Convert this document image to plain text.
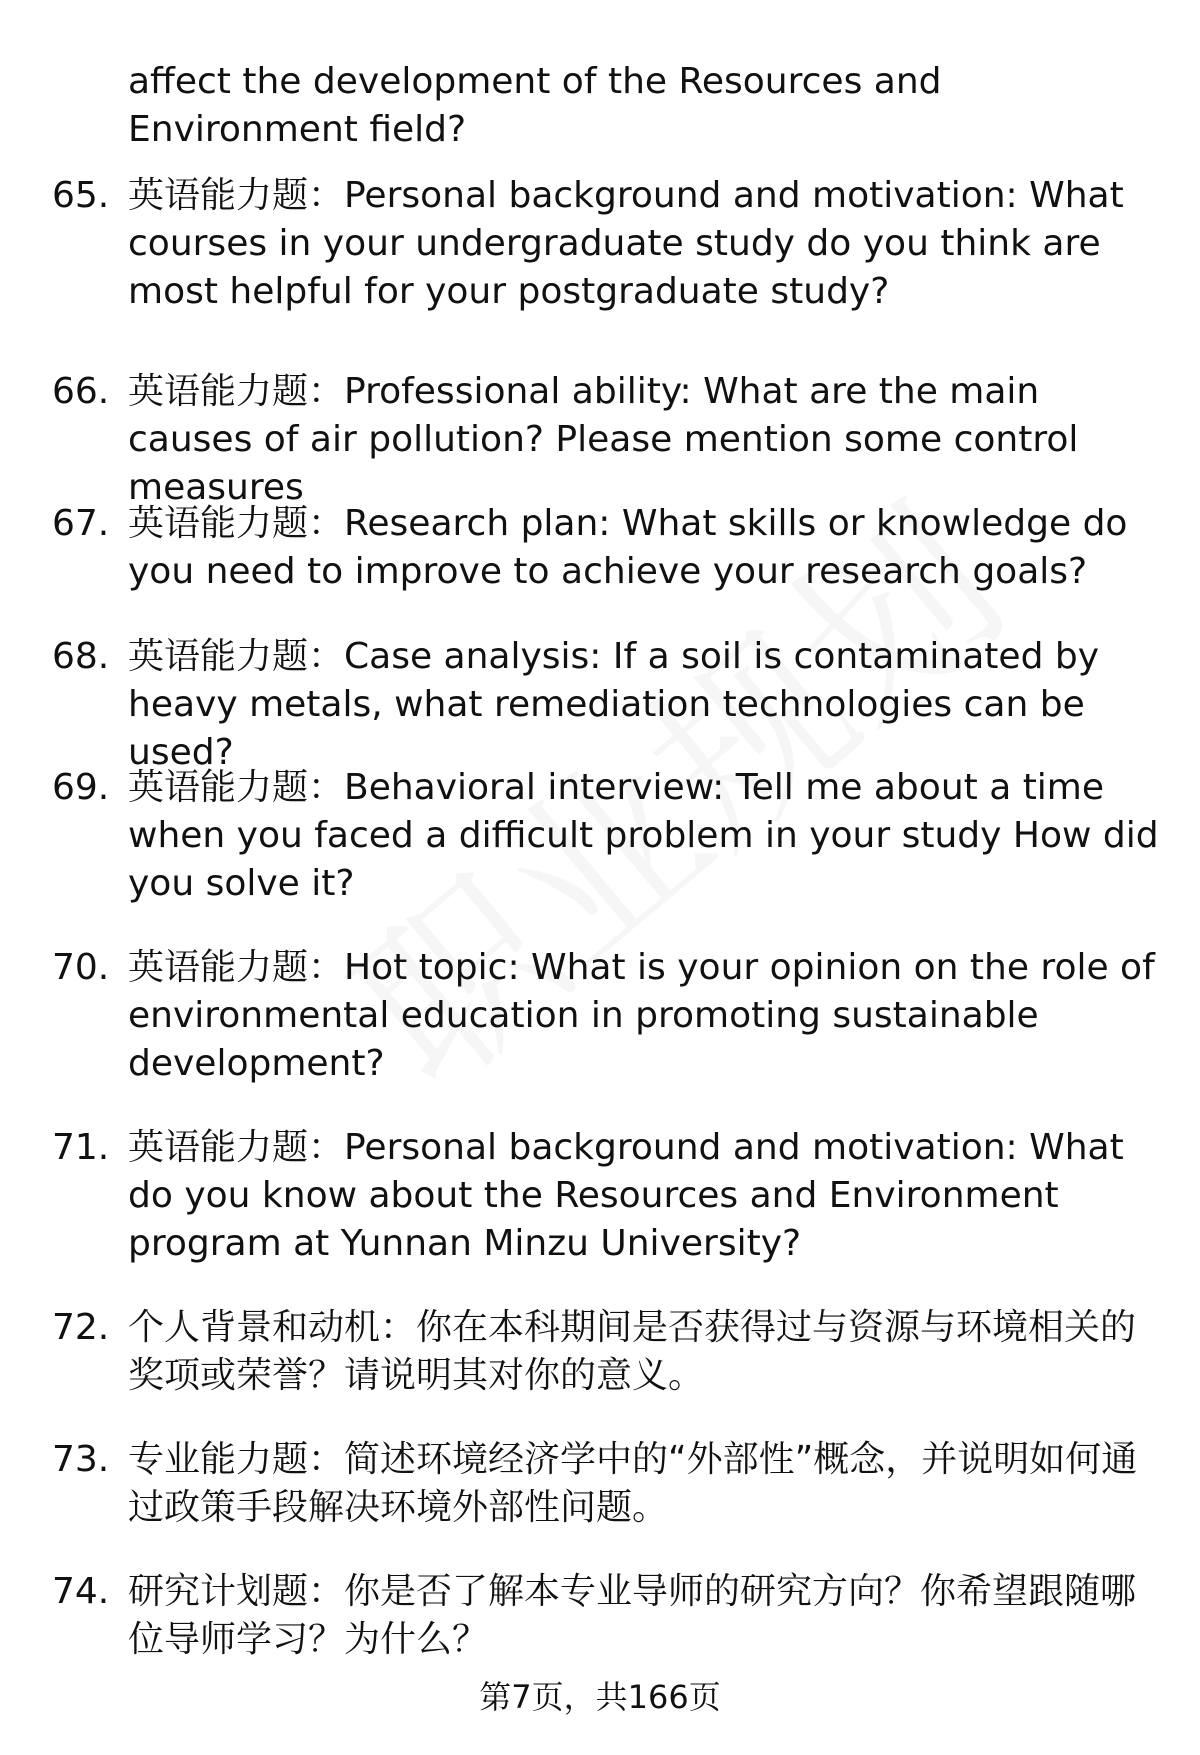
affect the development of the Resources and Environment field?
65. 英语能力题：Personal background and motivation: What courses in your undergraduate study do you think are most helpful for your postgraduate study?
66. 英语能力题：Professional ability: What are the main causes of air pollution? Please mention some control measures
67. 英语能力题：Research plan: What skills or knowledge do you need to improve to achieve your research goals?
68. 英语能力题：Case analysis: If a soil is contaminated by heavy metals, what remediation technologies can be used?
69. 英语能力题：Behavioral interview: Tell me about a time when you faced a difficult problem in your study How did you solve it?
70. 英语能力题：Hot topic: What is your opinion on the role of environmental education in promoting sustainable development?
71. 英语能力题：Personal background and motivation: What do you know about the Resources and Environment program at Yunnan Minzu University?
72. 个人背景和动机：你在本科期间是否获得过与资源与环境相关的奖项或荣誉？请说明其对你的意义。
73. 专业能力题：简述环境经济学中的“外部性”概念，并说明如何通过政策手段解决环境外部性问题。
74. 研究计划题：你是否了解本专业导师的研究方向？你希望跟随哪位导师学习？为什么？
第7页，共166页
